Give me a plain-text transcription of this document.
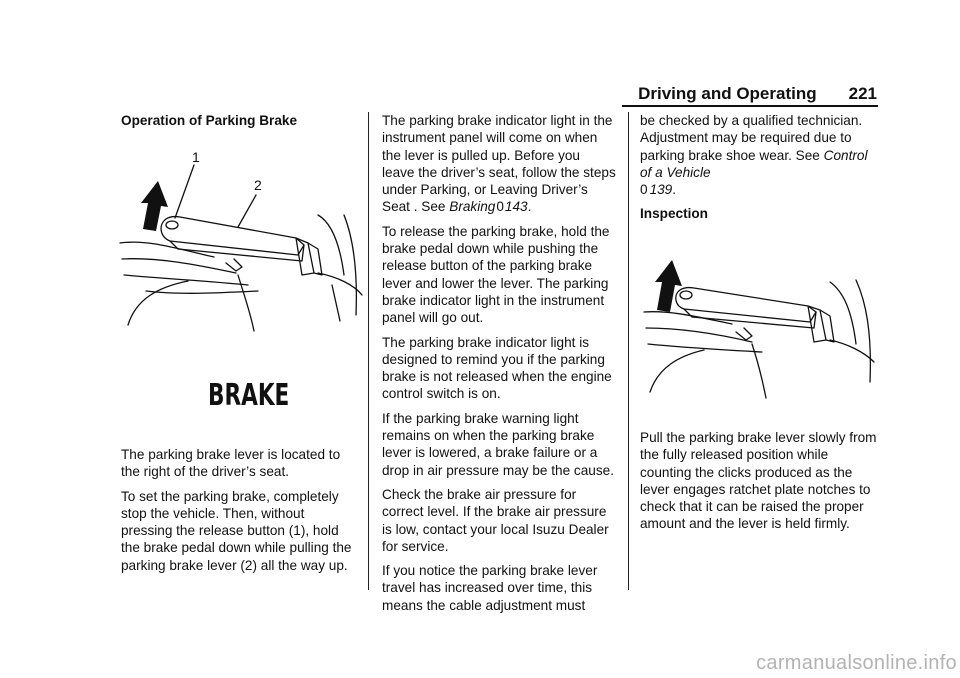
Driving and Operating 221

Operation of Parking Brake

1
2
BRAKE

The parking brake lever is located to the right of the driver’s seat.

To set the parking brake, completely stop the vehicle. Then, without pressing the release button (1), hold the brake pedal down while pulling the parking brake lever (2) all the way up.

The parking brake indicator light in the instrument panel will come on when the lever is pulled up. Before you leave the driver’s seat, follow the steps under Parking, or Leaving Driver’s Seat . See Braking0143.

To release the parking brake, hold the brake pedal down while pushing the release button of the parking brake lever and lower the lever. The parking brake indicator light in the instrument panel will go out.

The parking brake indicator light is designed to remind you if the parking brake is not released when the engine control switch is on.

If the parking brake warning light remains on when the parking brake lever is lowered, a brake failure or a drop in air pressure may be the cause.

Check the brake air pressure for correct level. If the brake air pressure is low, contact your local Isuzu Dealer for service.

If you notice the parking brake lever travel has increased over time, this means the cable adjustment must

be checked by a qualified technician. Adjustment may be required due to parking brake shoe wear. See Control of a Vehicle
0 139.

Inspection

Pull the parking brake lever slowly from the fully released position while counting the clicks produced as the lever engages ratchet plate notches to check that it can be raised the proper amount and the lever is held firmly.

carmanualsonline.info
